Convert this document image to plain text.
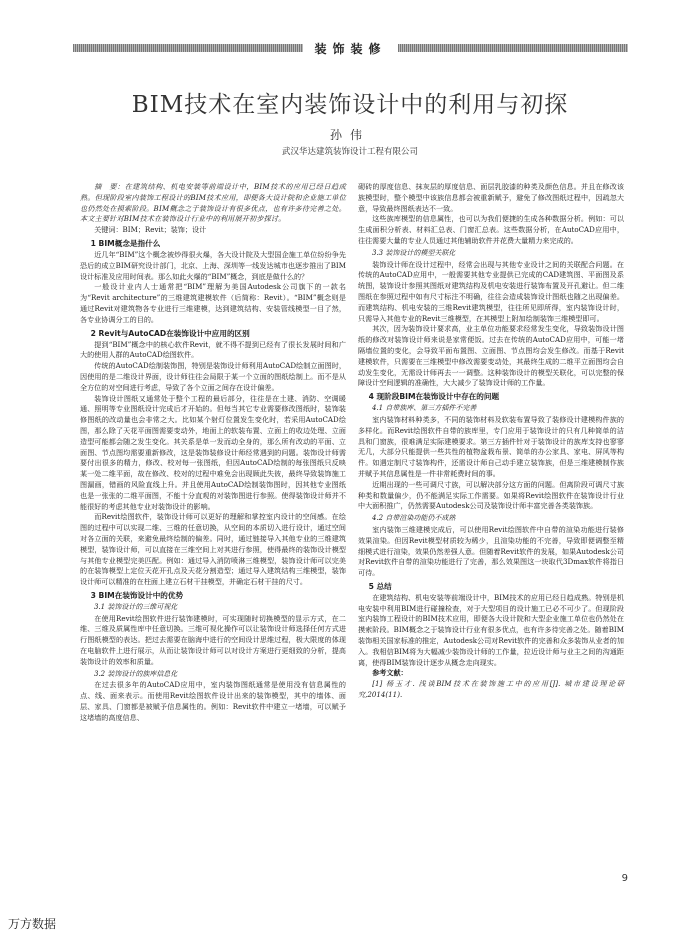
装饰装修
BIM技术在室内装饰设计中的利用与初探
孙伟
武汉华达建筑装饰设计工程有限公司

摘　要：在建筑结构、机电安装等前端设计中，BIM技术的应用已经日趋成熟。但现阶段室内装饰工程设计的BIM技术应用，即便各大设计院和企业施工单位也仍然处在摸索阶段。BIM概念之于装饰设计有很多优点，也有许多待完善之处。本文主要针对BIM技术在装饰设计行业中的利用展开初步探讨。

关键词：BIM；Revit；装饰；设计

1 BIM概念是指什么

近几年“BIM”这个概念被炒得很火爆，各大设计院及大型国企施工单位纷纷争先恐后的成立BIM研究设计部门，北京、上海、深圳等一线发达城市也逐步推出了BIM设计标准及应用时间表。那么如此火爆的“BIM”概念，到底是做什么的？

一般设计业内人士通常把“BIM”理解为美国Autodesk公司旗下的一款名为“Revit architecture”的三维建筑建模软件（后简称：Revit）。“BIM”概念则是通过Revit对建筑物各专业进行三维建模，达到建筑结构、安装管线模型一目了然，各专业协调分工的目的。

2 Revit与AutoCAD在装饰设计中应用的区别

提到“BIM”概念中的核心软件Revit，就不得不提到已经有了很长发展时间和广大的使用人群的AutoCAD绘图软件。

传统的AutoCAD绘制装饰图，特别是装饰设计师利用AutoCAD绘制立面图时，因使用的是二维设计界面，设计师往往会局限于某一个立面的图纸绘制上。而不是从全方位的对空间进行考虑，导致了各个立面之间存在设计偏差。

装饰设计图纸又通常处于整个工程的最后部分，往往是在土建、消防、空调暖通、照明等专业图纸设计完成后才开始的。但每当其它专业需要修改图纸时，装饰装修图纸的改动量也会非常之大。比如某个射灯位置发生变化时，若采用AutoCAD绘图，那么除了天花平面图需要变动外，地面上的软装布置、立面上的收边处理、立面造型可能都会随之发生变化。其关系是单一发而动全身的，那么所有改动的平面、立面图、节点图均需要重新修改，这是装饰装修设计师经常遇到的问题。装饰设计师需要付出很多的精力，修改、校对每一张图纸，但因AutoCAD绘制的每张图纸只反映某一处二维平面，故在修改、校对的过程中难免会出现顾此失彼，最终导致装饰施工图漏画，错画的风险直线上升。并且使用AutoCAD绘制装饰图时，因其他专业图纸也是一张张的二维平面图，不能十分直观的对装饰图进行参照。使得装饰设计师并不能很好的考虑其他专业对装饰设计的影响。

而Revit绘图软件，装饰设计师可以更好的理解和掌控室内设计的空间感。在绘图的过程中可以实现二维、三维的任意切换，从空间的本质切入进行设计，通过空间对各立面的关联，来避免最终绘制的偏差。同时，通过链接导入其他专业的三维建筑模型，装饰设计师，可以直接在三维空间上对其进行参照，使得最终的装饰设计模型与其他专业模型完美匹配。例如：通过导入消防喷淋三维模型，装饰设计师可以完美的在装饰模型上定位天花开孔点及天花分割造型；通过导入建筑结构三维模型，装饰设计师可以精准的在柱面上建立石材干挂模型，并确定石材干挂的尺寸。

3 BIM在装饰设计中的优势
3.1 装饰设计的三维可视化

在使用Revit绘图软件进行装饰建模时，可实现随时切换模型的显示方式，在二维、三维及质属性库中任意切换。三维可视化操作可以让装饰设计师选择任何方式进行图纸模型的表达。把过去需要在脑海中进行的空间设计思维过程，极大限度的体现在电脑软件上进行展示，从而让装饰设计师可以对设计方案进行更细致的分析，提高装饰设计的效率和质量。

3.2 装饰设计的族库信息化

在过去很多年的AutoCAD应用中，室内装饰图纸通常是使用没有信息属性的点、线、面来表示。而使用Revit绘图软件设计出来的装饰模型，其中的墙体、面层、家具、门窗都是被赋予信息属性的。例如：Revit软件中建立一堵墙，可以赋予这堵墙的高度信息、

砌砖的厚度信息、抹灰层的厚度信息、面层乳胶漆的种类及颜色信息。并且在修改该族模型时，整个模型中该族信息都会被重新赋予，避免了修改图纸过程中，因疏忽大意，导致最终图纸表达不一致。

这些族库模型的信息属性，也可以为我们便捷的生成各种数据分析。例如：可以生成面积分析表、材料汇总表、门窗汇总表。这些数据分析，在AutoCAD应用中，往往需要大量的专业人员通过其他辅助软件并花费大量精力来完成的。

3.3 装饰设计的模型关联化

装饰设计师在设计过程中，经常会出现与其他专业设计之间的关联配合问题。在传统的AutoCAD应用中，一般需要其他专业提供已完成的CAD建筑图、平面图及系统图，装饰设计参照其图纸对建筑结构及机电安装进行装饰布置及开孔避让。但二维图纸在参照过程中如有尺寸标注不明确，往往会造成装饰设计图纸也随之出现偏差。而建筑结构、机电安装的三维Revit建筑模型，往往所见即所得，室内装饰设计时，只需导入其他专业的Revit三维模型，在其模型上附加绘制装饰三维模型即可。

其次，因为装饰设计要求高，业主单位功能要求经常发生变化，导致装饰设计图纸的修改对装饰设计师来说是家常便饭。过去在传统的AutoCAD应用中，可能一堵隔墙位置的变化，会导致平面布置图、立面图、节点图均会发生修改。而基于Revit建模软件，只需要在三维模型中修改需要变动处，其最终生成的二维平立面图均会自动发生变化，无需设计师再去一一调整。这种装饰设计的模型关联化，可以完整的保障设计空间逻辑的准确性，大大减少了装饰设计师的工作量。

4 现阶段BIM在装饰设计中存在的问题
4.1 自带族库、第三方插件不完善

室内装饰材料种类多，不同的装饰材料及软装布置导致了装修设计建模构件族的多样化。而Revit绘图软件自带的族库里，专门应用于装饰设计的只有几种简单的洁具和门窗族，很难满足实际建模要求。第三方插件针对于装饰设计的族库支持也寥寥无几，大部分只能提供一些共性的植物盆栽布景、简单的办公家具、家电、屏风等构件。如遇定制尺寸装饰构件，还需设计师自己动手建立装饰族，但是三维建模制作族并赋予其信息属性是一件非常耗费时间的事。

近期出现的一些可调尺寸族，可以解决部分这方面的问题。但离阶段可调尺寸族种类和数量偏少，仍不能满足实际工作需要。如果将Revit绘图软件在装饰设计行业中大面积推广，仍然需要Autodesk公司及装饰设计师丰富完善各类装饰族。

4.2 自带渲染功能仍不成熟

室内装饰三维建模完成后，可以使用Revit绘图软件中自带的渲染功能进行装修效果渲染。但因Revit模型材质较为稀少，且渲染功能的不完善，导致即便调整至精细模式进行渲染，效果仍然差强人意。但随着Revit软件的发展，如果Autodesk公司对Revit软件自带的渲染功能进行了完善，那么效果图这一块取代3Dmax软件将指日可待。

5 总结

在建筑结构、机电安装等前端设计中，BIM技术的应用已经日趋成熟。特别是机电安装中利用BIM进行碰撞检查，对于大型项目的设计施工已必不可少了。但现阶段室内装饰工程设计的BIM技术应用，即便各大设计院和大型企业施工单位也仍然处在摸索阶段。BIM概念之于装饰设计行业有很多优点，也有许多待完善之处。随着BIM装饰相关国家标准的推定，Autodesk公司对Revit软件的完善和众多装饰从业者的加入。我相信BIM将为大幅减少装饰设计师的工作量，拉近设计师与业主之间的沟通距离，使得BIM装饰设计逐步从概念走向现实。

参考文献：

[1] 杨玉才. 浅谈BIM技术在装饰施工中的应用[J]. 城市建设理论研究,2014(11).

9
万方数据
